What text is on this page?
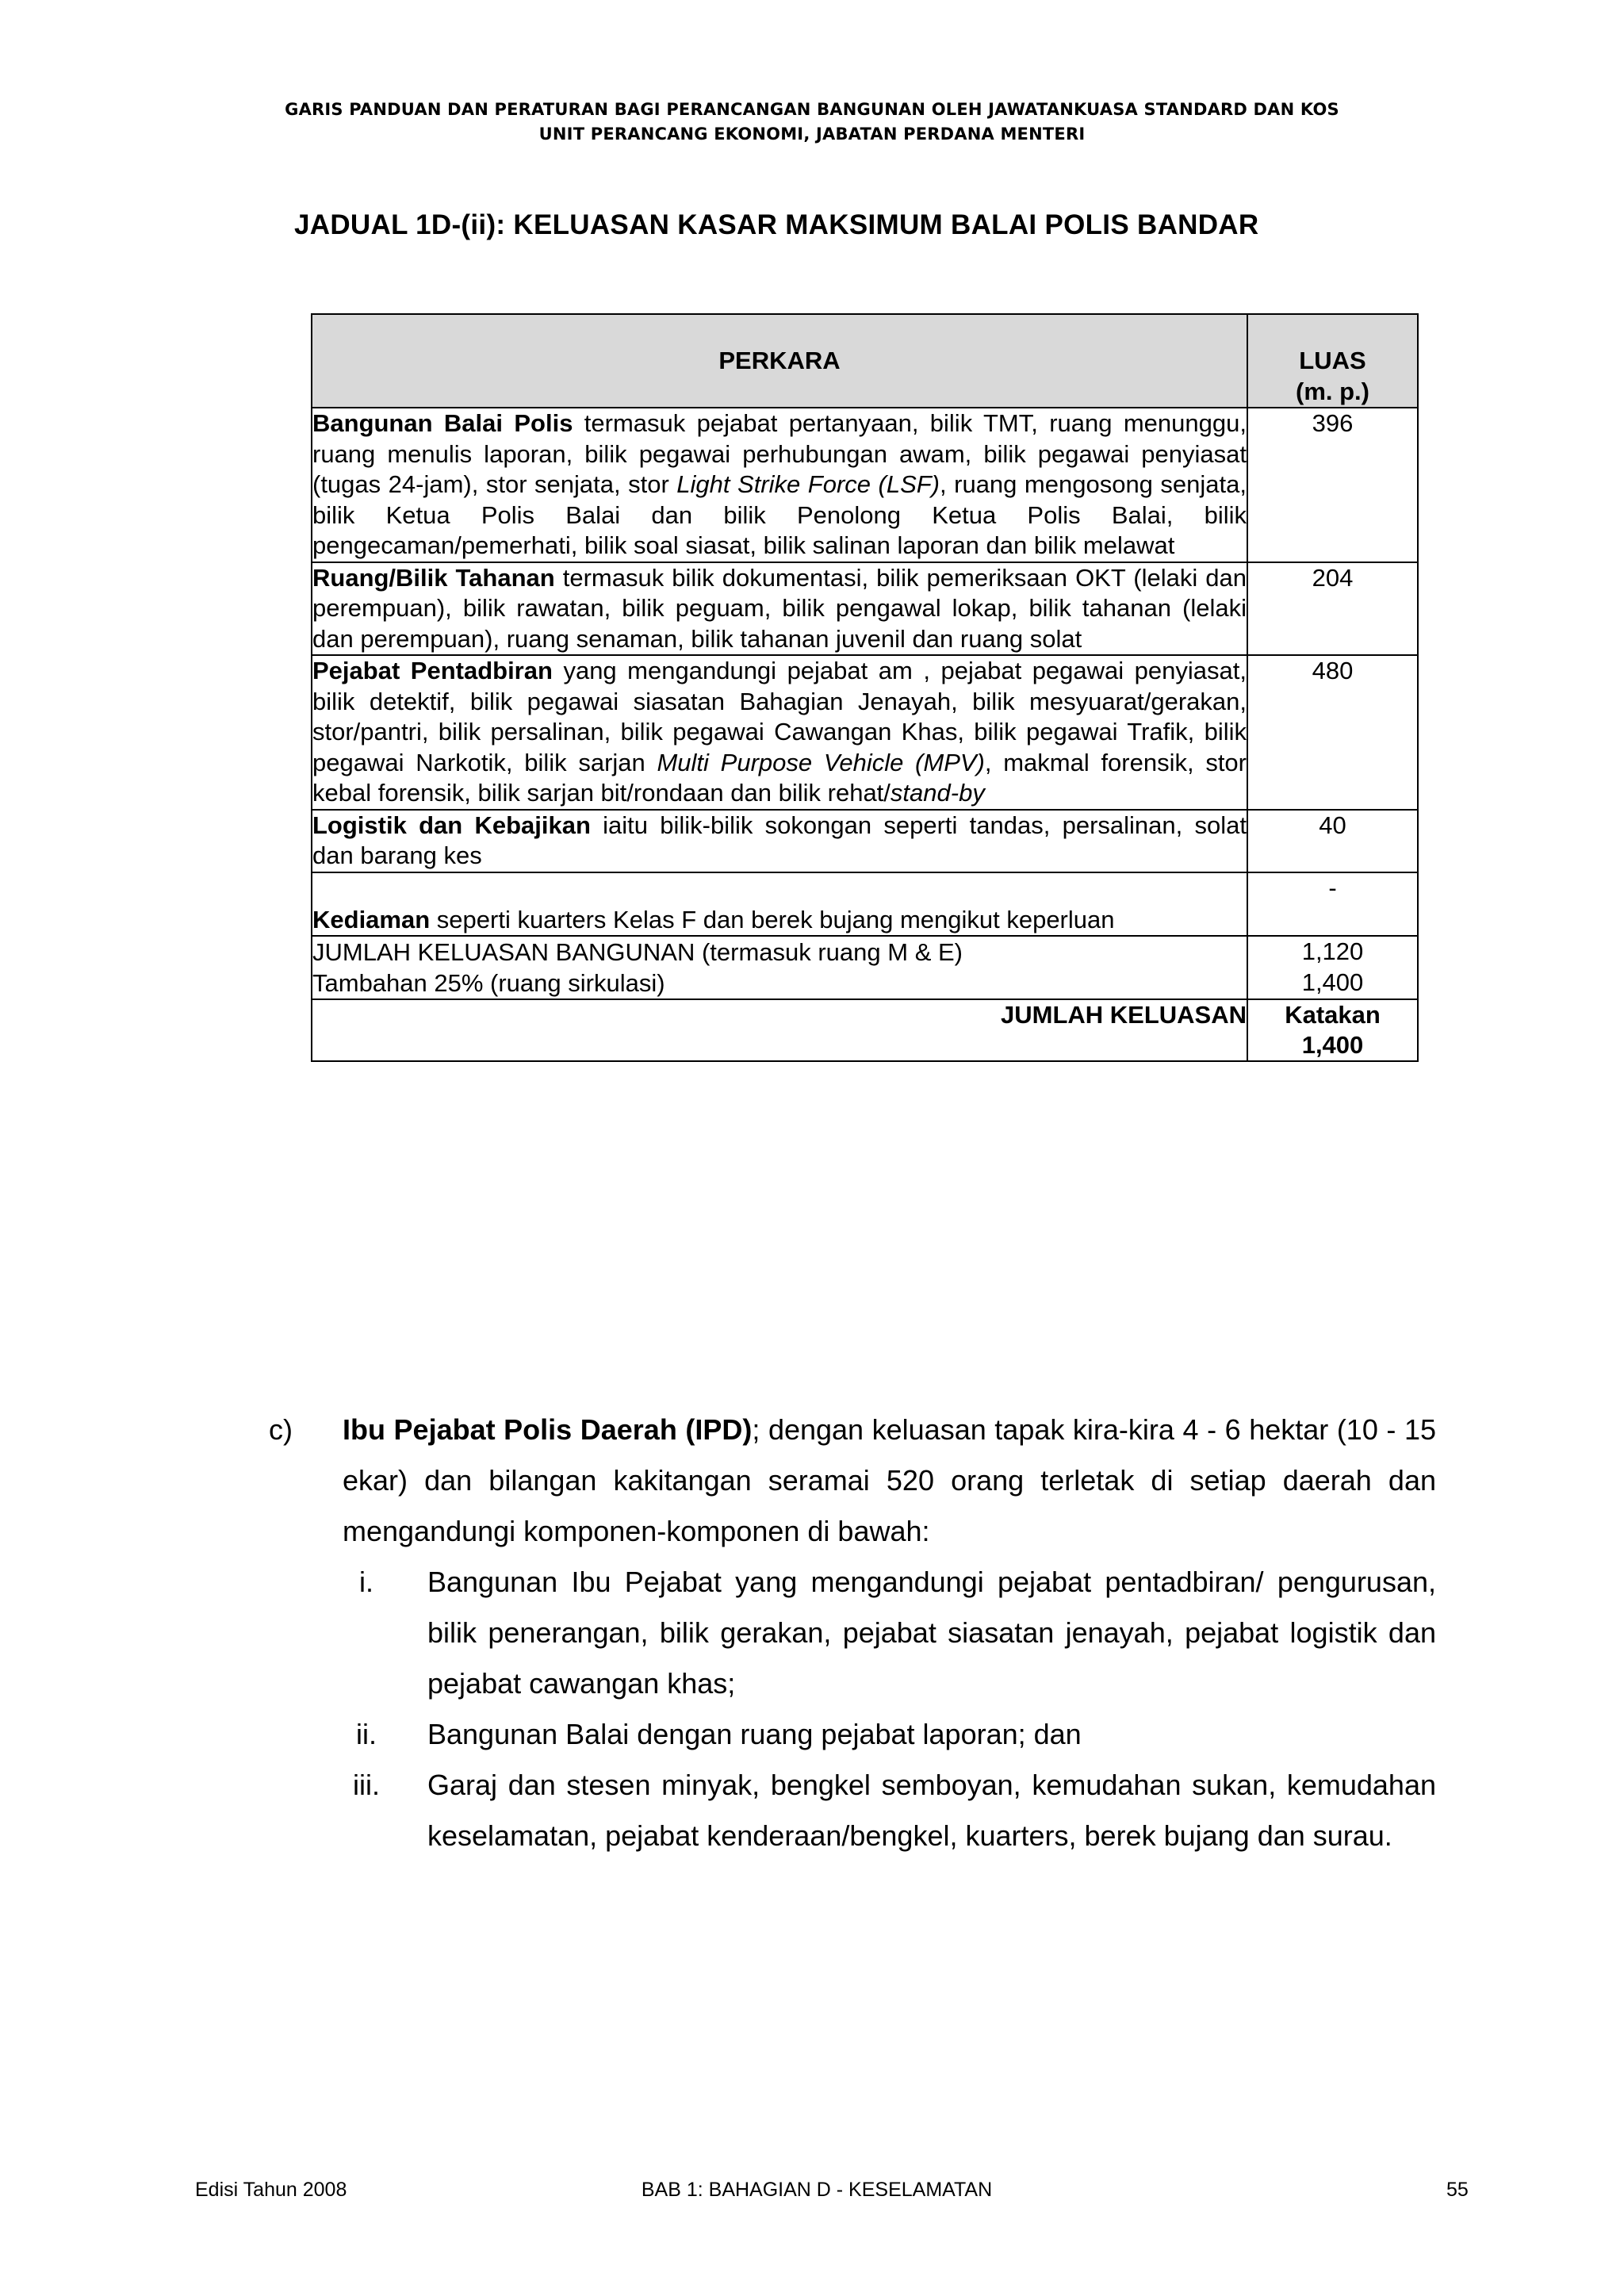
GARIS PANDUAN DAN PERATURAN BAGI PERANCANGAN BANGUNAN OLEH JAWATANKUASA STANDARD DAN KOS
UNIT PERANCANG EKONOMI, JABATAN PERDANA MENTERI
JADUAL 1D-(ii): KELUASAN KASAR MAKSIMUM BALAI POLIS BANDAR
PERKARA	LUAS
(m. p.)

Bangunan Balai Polis termasuk pejabat pertanyaan, bilik TMT, ruang menunggu, ruang menulis laporan, bilik pegawai perhubungan awam, bilik pegawai penyiasat (tugas 24-jam), stor senjata, stor Light Strike Force (LSF), ruang mengosong senjata, bilik Ketua Polis Balai dan bilik Penolong Ketua Polis Balai, bilik pengecaman/pemerhati, bilik soal siasat, bilik salinan laporan dan bilik melawat	396
Ruang/Bilik Tahanan termasuk bilik dokumentasi, bilik pemeriksaan OKT (lelaki dan perempuan), bilik rawatan, bilik peguam, bilik pengawal lokap, bilik tahanan (lelaki dan perempuan), ruang senaman, bilik tahanan juvenil dan ruang solat	204
Pejabat Pentadbiran yang mengandungi pejabat am , pejabat pegawai penyiasat, bilik detektif, bilik pegawai siasatan Bahagian Jenayah, bilik mesyuarat/gerakan, stor/pantri, bilik persalinan, bilik pegawai Cawangan Khas, bilik pegawai Trafik, bilik pegawai Narkotik, bilik sarjan Multi Purpose Vehicle (MPV), makmal forensik, stor kebal forensik, bilik sarjan bit/rondaan dan bilik rehat/stand-by	480
Logistik dan Kebajikan iaitu bilik-bilik sokongan seperti tandas, persalinan, solat dan barang kes	40
Kediaman seperti kuarters Kelas F dan berek bujang mengikut keperluan	-
JUMLAH KELUASAN BANGUNAN (termasuk ruang M & E)	1,120
Tambahan 25% (ruang sirkulasi)	1,400
JUMLAH KELUASAN	Katakan
1,400
c) Ibu Pejabat Polis Daerah (IPD); dengan keluasan tapak kira-kira 4 - 6 hektar (10 - 15 ekar) dan bilangan kakitangan seramai 520 orang terletak di setiap daerah dan mengandungi komponen-komponen di bawah:
i.	Bangunan Ibu Pejabat yang mengandungi pejabat pentadbiran/ pengurusan, bilik penerangan, bilik gerakan, pejabat siasatan jenayah, pejabat logistik dan pejabat cawangan khas;
ii.	Bangunan Balai dengan ruang pejabat laporan; dan
iii.	Garaj dan stesen minyak, bengkel semboyan, kemudahan sukan, kemudahan keselamatan, pejabat kenderaan/bengkel, kuarters, berek bujang dan surau.
Edisi Tahun 2008	BAB 1: BAHAGIAN D - KESELAMATAN	55
